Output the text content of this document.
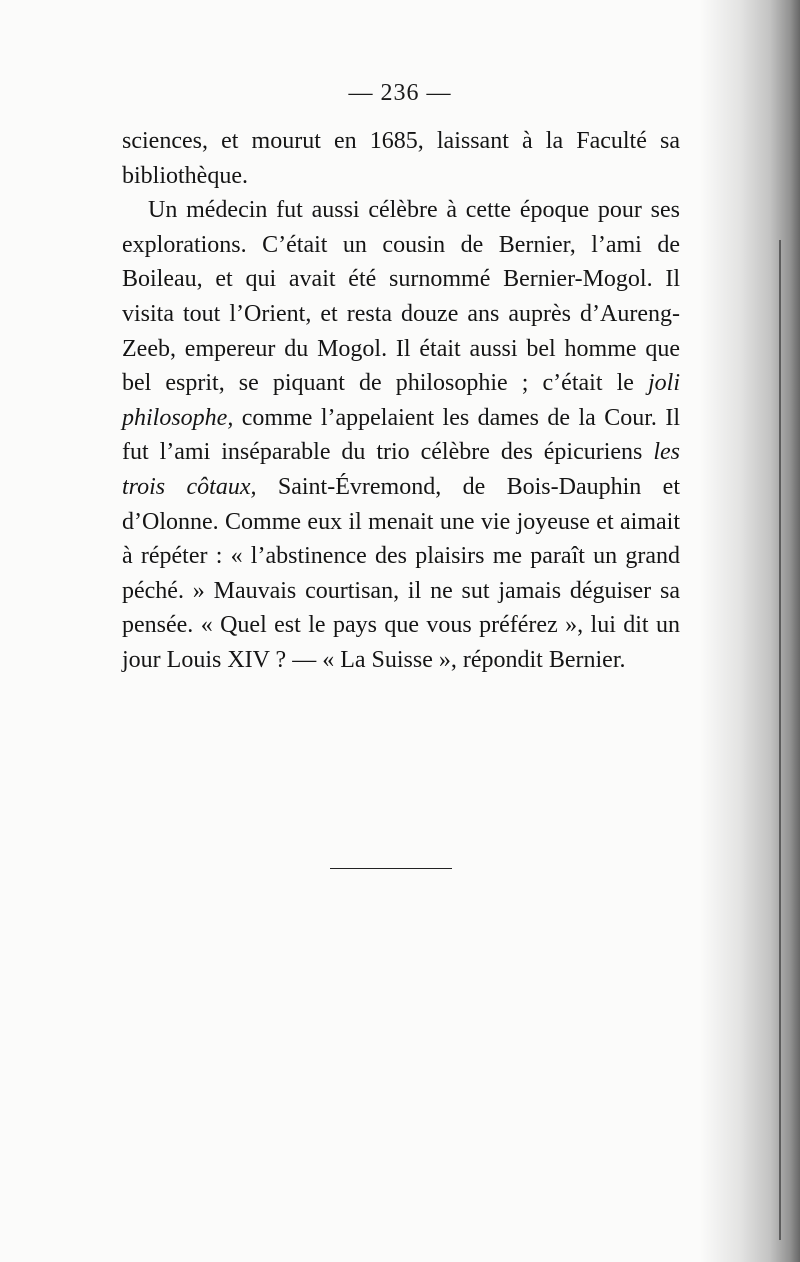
— 236 —

sciences, et mourut en 1685, laissant à la Faculté sa bibliothèque.

Un médecin fut aussi célèbre à cette époque pour ses explorations. C’était un cousin de Bernier, l’ami de Boileau, et qui avait été surnommé Bernier-Mogol. Il visita tout l’Orient, et resta douze ans auprès d’Aureng-Zeeb, empereur du Mogol. Il était aussi bel homme que bel esprit, se piquant de philosophie ; c’était le joli philosophe, comme l’appelaient les dames de la Cour. Il fut l’ami inséparable du trio célèbre des épicuriens les trois côtaux, Saint-Évremond, de Bois-Dauphin et d’Olonne. Comme eux il menait une vie joyeuse et aimait à répéter : « l’abstinence des plaisirs me paraît un grand péché. » Mauvais courtisan, il ne sut jamais déguiser sa pensée. « Quel est le pays que vous préférez », lui dit un jour Louis XIV ? — « La Suisse », répondit Bernier.
